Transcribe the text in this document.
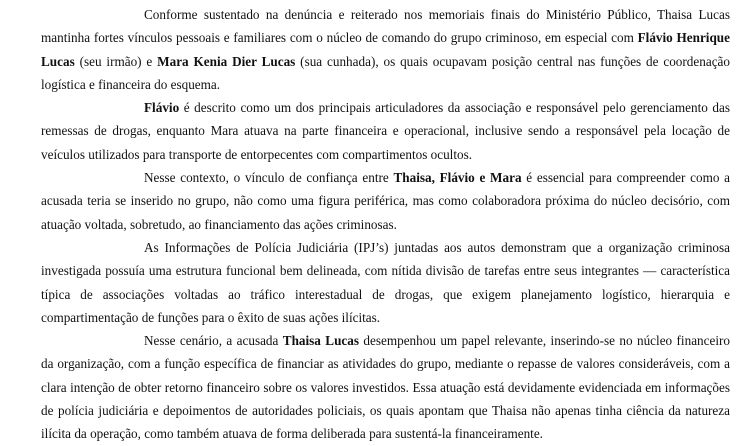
Conforme sustentado na denúncia e reiterado nos memoriais finais do Ministério Público, Thaisa Lucas mantinha fortes vínculos pessoais e familiares com o núcleo de comando do grupo criminoso, em especial com Flávio Henrique Lucas (seu irmão) e Mara Kenia Dier Lucas (sua cunhada), os quais ocupavam posição central nas funções de coordenação logística e financeira do esquema.

Flávio é descrito como um dos principais articuladores da associação e responsável pelo gerenciamento das remessas de drogas, enquanto Mara atuava na parte financeira e operacional, inclusive sendo a responsável pela locação de veículos utilizados para transporte de entorpecentes com compartimentos ocultos.

Nesse contexto, o vínculo de confiança entre Thaisa, Flávio e Mara é essencial para compreender como a acusada teria se inserido no grupo, não como uma figura periférica, mas como colaboradora próxima do núcleo decisório, com atuação voltada, sobretudo, ao financiamento das ações criminosas.

As Informações de Polícia Judiciária (IPJ’s) juntadas aos autos demonstram que a organização criminosa investigada possuía uma estrutura funcional bem delineada, com nítida divisão de tarefas entre seus integrantes — característica típica de associações voltadas ao tráfico interestadual de drogas, que exigem planejamento logístico, hierarquia e compartimentação de funções para o êxito de suas ações ilícitas.

Nesse cenário, a acusada Thaisa Lucas desempenhou um papel relevante, inserindo-se no núcleo financeiro da organização, com a função específica de financiar as atividades do grupo, mediante o repasse de valores consideráveis, com a clara intenção de obter retorno financeiro sobre os valores investidos. Essa atuação está devidamente evidenciada em informações de polícia judiciária e depoimentos de autoridades policiais, os quais apontam que Thaisa não apenas tinha ciência da natureza ilícita da operação, como também atuava de forma deliberada para sustentá-la financeiramente.
